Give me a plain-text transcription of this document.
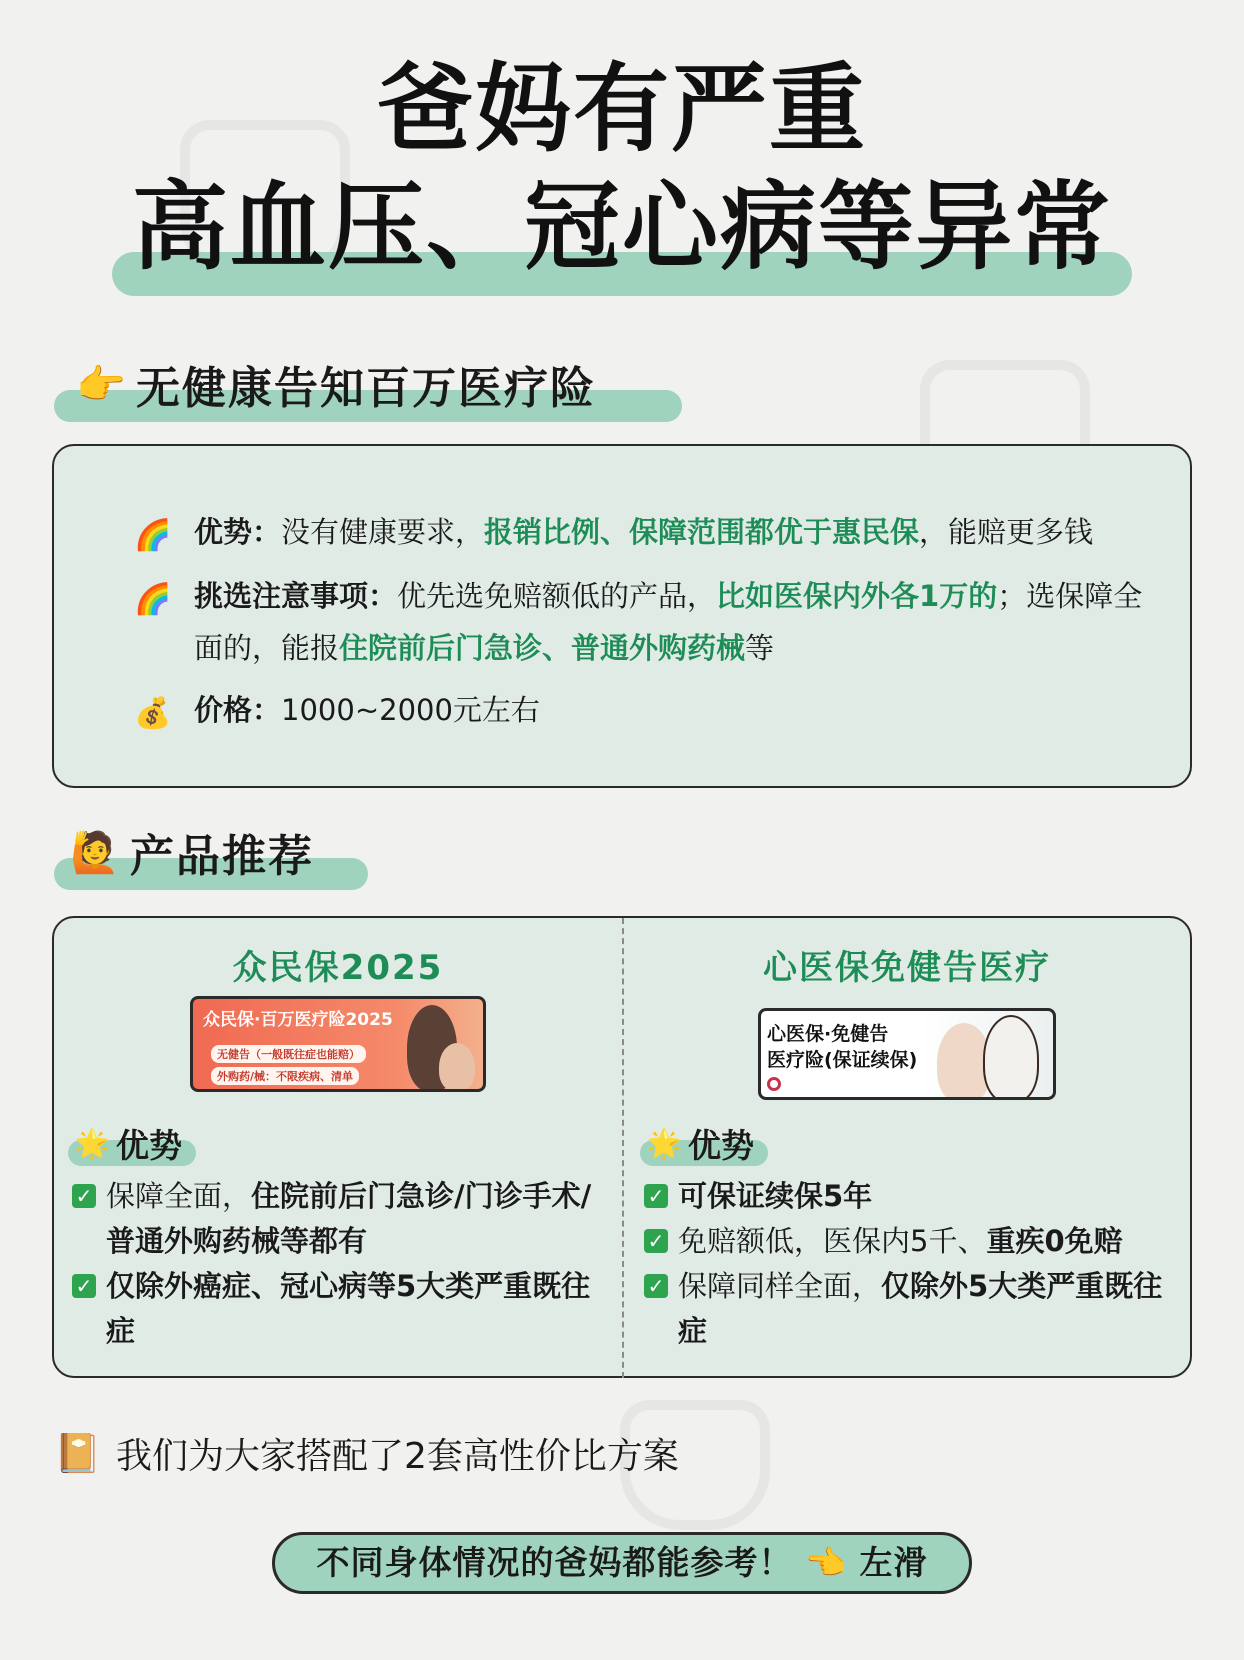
爸妈有严重
高血压、冠心病等异常
👉 无健康告知百万医疗险
🌈 优势：没有健康要求，报销比例、保障范围都优于惠民保，能赔更多钱
🌈 挑选注意事项：优先选免赔额低的产品，比如医保内外各1万的；选保障全面的，能报住院前后门急诊、普通外购药械等
💰 价格：1000~2000元左右
🙋 产品推荐
众民保2025
众民保·百万医疗险2025
无健告（一般既往症也能赔）
外购药/械：不限疾病、清单
🌟 优势
✓ 保障全面，住院前后门急诊/门诊手术/普通外购药械等都有
✓ 仅除外癌症、冠心病等5大类严重既往症
心医保免健告医疗
心医保·免健告
医疗险(保证续保)
🌟 优势
✓ 可保证续保5年
✓ 免赔额低，医保内5千、重疾0免赔
✓ 保障同样全面，仅除外5大类严重既往症
📔 我们为大家搭配了2套高性价比方案
不同身体情况的爸妈都能参考！ 👈 左滑
